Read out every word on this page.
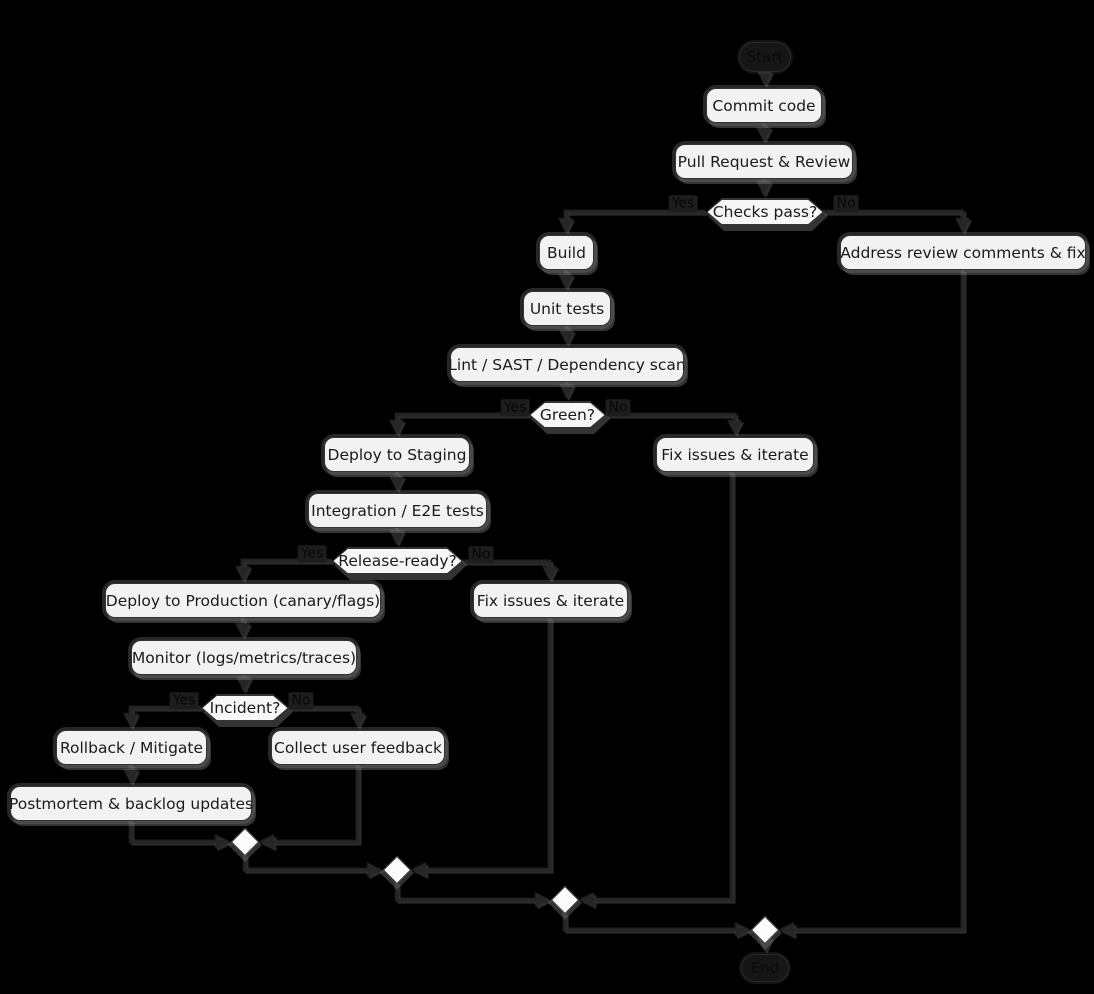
Start
Commit code
Pull Request & Review
Checks pass?
Build	Address review comments & fix
Unit tests
Lint / SAST / Dependency scan
Green?
Deploy to Staging	Fix issues & iterate
Integration / E2E tests
Release-ready?
Deploy to Production (canary/flags)	Fix issues & iterate
Monitor (logs/metrics/traces)
Incident?
Rollback / Mitigate	Collect user feedback
Postmortem & backlog updates
End
Yes	No
Yes	No
Yes	No
Yes	No
